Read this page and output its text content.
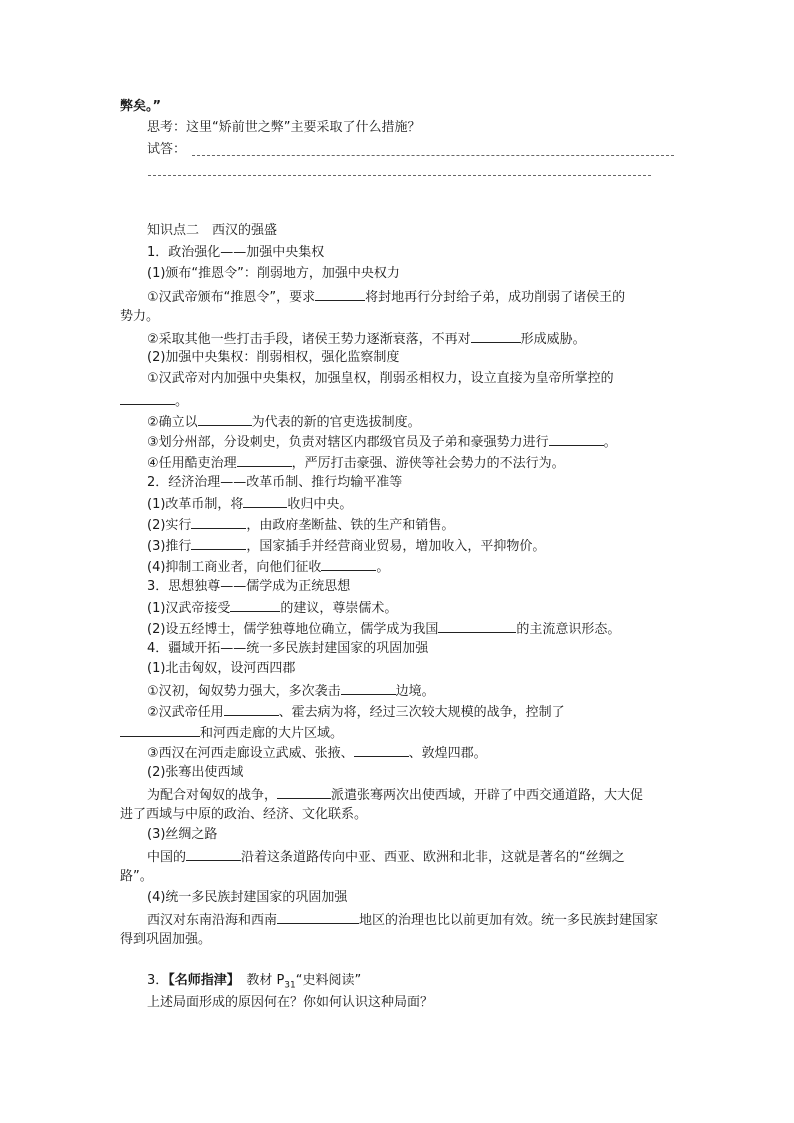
弊矣。”
思考：这里“矫前世之弊”主要采取了什么措施？
试答：
知识点二　西汉的强盛
1．政治强化——加强中央集权
(1)颁布“推恩令”：削弱地方，加强中央权力
①汉武帝颁布“推恩令”，要求	将封地再行分封给子弟，成功削弱了诸侯王的
势力。
②采取其他一些打击手段，诸侯王势力逐渐衰落，不再对	形成威胁。
(2)加强中央集权：削弱相权，强化监察制度
①汉武帝对内加强中央集权，加强皇权，削弱丞相权力，设立直接为皇帝所掌控的
。
②确立以	为代表的新的官吏选拔制度。
③划分州部，分设刺史，负责对辖区内郡级官员及子弟和豪强势力进行	。
④任用酷吏治理	，严厉打击豪强、游侠等社会势力的不法行为。
2．经济治理——改革币制、推行均输平准等
(1)改革币制，将	收归中央。
(2)实行	，由政府垄断盐、铁的生产和销售。
(3)推行	，国家插手并经营商业贸易，增加收入，平抑物价。
(4)抑制工商业者，向他们征收	。
3．思想独尊——儒学成为正统思想
(1)汉武帝接受	的建议，尊崇儒术。
(2)设五经博士，儒学独尊地位确立，儒学成为我国	的主流意识形态。
4．疆域开拓——统一多民族封建国家的巩固加强
(1)北击匈奴，设河西四郡
①汉初，匈奴势力强大，多次袭击	边境。
②汉武帝任用	、霍去病为将，经过三次较大规模的战争，控制了
和河西走廊的大片区域。
③西汉在河西走廊设立武威、张掖、	、敦煌四郡。
(2)张骞出使西域
为配合对匈奴的战争，	派遣张骞两次出使西域，开辟了中西交通道路，大大促
进了西域与中原的政治、经济、文化联系。
(3)丝绸之路
中国的	沿着这条道路传向中亚、西亚、欧洲和北非，这就是著名的“丝绸之
路”。
(4)统一多民族封建国家的巩固加强
西汉对东南沿海和西南	地区的治理也比以前更加有效。统一多民族封建国家
得到巩固加强。
3．【名师指津】　 教材 $P_{31}“$史料阅读”
上述局面形成的原因何在？你如何认识这种局面？
